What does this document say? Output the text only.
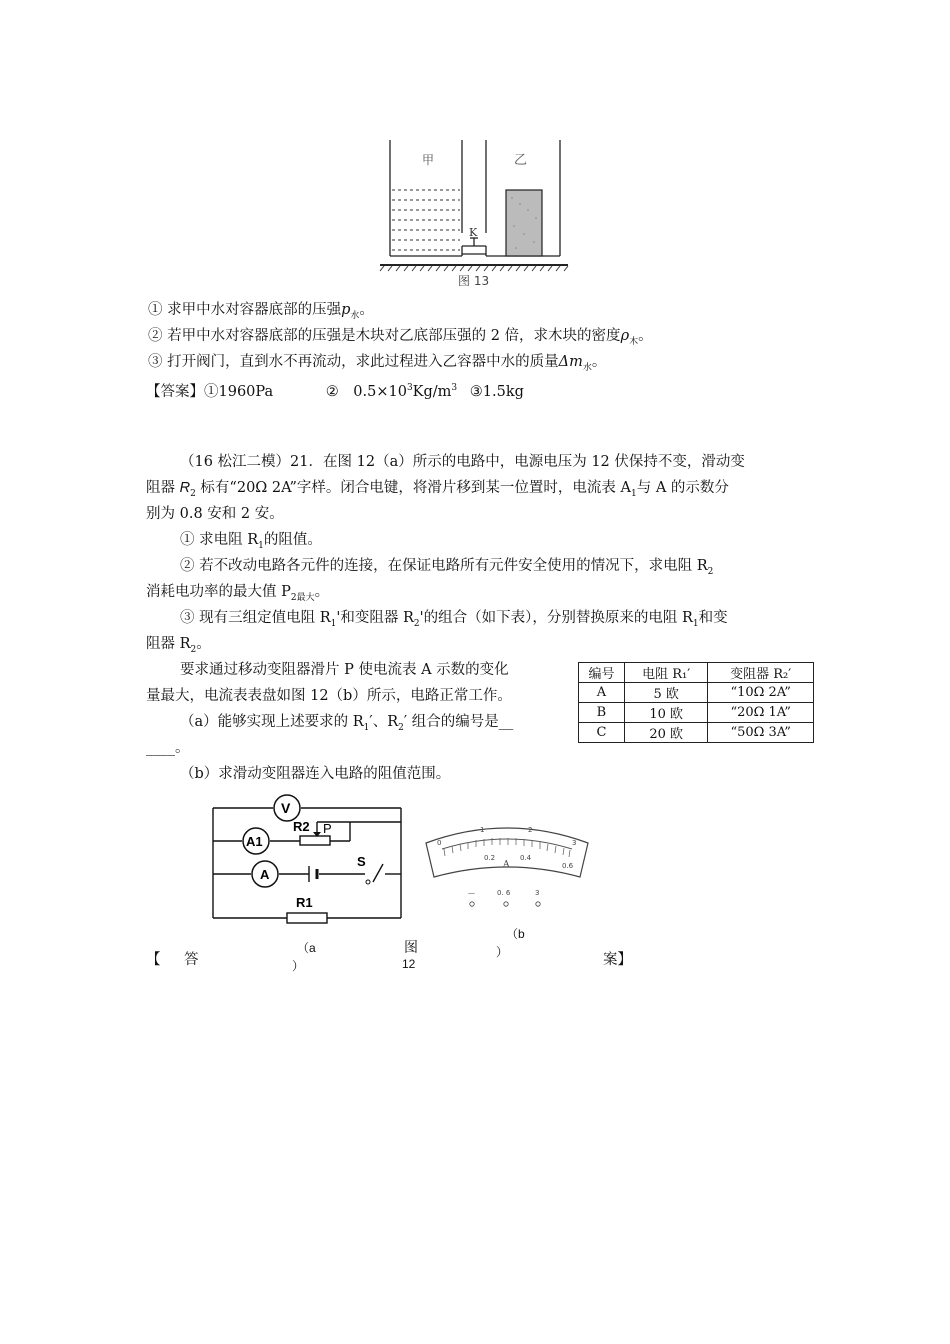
甲	乙
K
图 13
① 求甲中水对容器底部的压强$p_水$。
② 若甲中水对容器底部的压强是木块对乙底部压强的 2 倍，求木块的密度$\rho_木$。
③ 打开阀门，直到水不再流动，求此过程进入乙容器中水的质量$\Delta m_水$。
【答案】①1960Pa	②　$0.5\times 10^3Kg/m^3$ ③1.5kg
（16 松江二模）21．在图 12（a）所示的电路中，电源电压为 12 伏保持不变，滑动变
阻器 $R_2$ 标有“20Ω 2A”字样。闭合电键，将滑片移到某一位置时，电流表 $A_1$与 A 的示数分
别为 0.8 安和 2 安。
① 求电阻 $R_1$的阻值。
② 若不改动电路各元件的连接，在保证电路所有元件安全使用的情况下，求电阻 $R_2$
消耗电功率的最大值 $P_{2最大}$。
③ 现有三组定值电阻 $R_1'$和变阻器 $R_2'$的组合（如下表），分别替换原来的电阻 $R_1$和变
阻器 $R_2$。
要求通过移动变阻器滑片 P 使电流表 A 示数的变化
量最大，电流表表盘如图 12（b）所示，电路正常工作。
（a）能够实现上述要求的 $R_1'$、$R_2'$ 组合的编号是__
____。
（b）求滑动变阻器连入电路的阻值范围。
编号	电阻 R₁′	变阻器 R₂′
A	5 欧	“10Ω 2A”
B	10 欧	“20Ω 1A”
C	20 欧	“50Ω 3A”
V
A1
R2 P
A
S
R1
0
1	2
3
0.2	0.4
0.6
A
—	0. 6	3
（a
）
图
12
（b
）
【 答	案】
